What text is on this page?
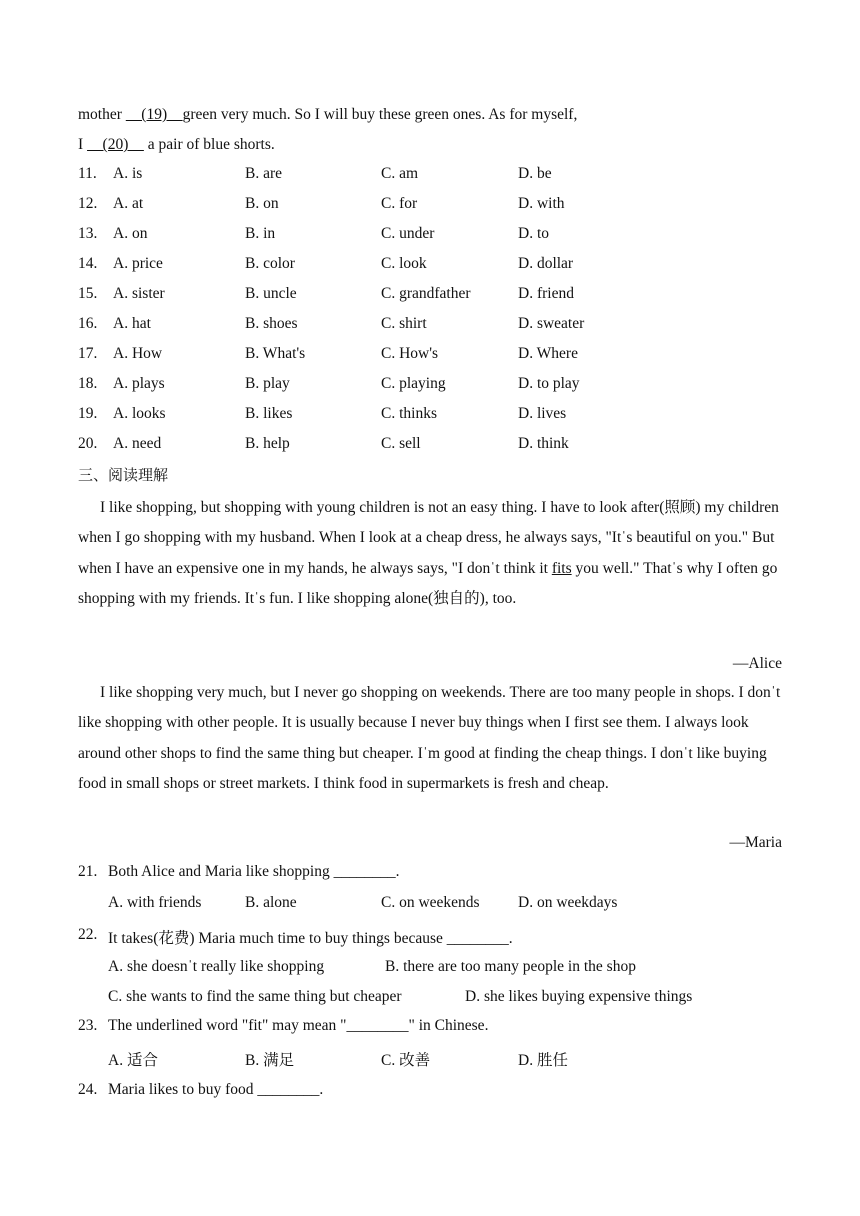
mother     (19)    green very much. So I will buy these green ones. As for myself,
I     (20)     a pair of blue shorts.
11. A. is	B. are	C. am	D. be
12. A. at	B. on	C. for	D. with
13. A. on	B. in	C. under	D. to
14. A. price	B. color	C. look	D. dollar
15. A. sister	B. uncle	C. grandfather	D. friend
16. A. hat	B. shoes	C. shirt	D. sweater
17. A. How	B. What's	C. How's	D. Where
18. A. plays	B. play	C. playing	D. to play
19. A. looks	B. likes	C. thinks	D. lives
20. A. need	B. help	C. sell	D. think
三、阅读理解
I like shopping, but shopping with young children is not an easy thing. I have to look after(照顾) my children when I go shopping with my husband. When I look at a cheap dress, he always says, "Itˈs beautiful on you." But when I have an expensive one in my hands, he always says, "I donˈt think it fits you well." Thatˈs why I often go shopping with my friends. Itˈs fun. I like shopping alone(独自的), too.
—Alice
I like shopping very much, but I never go shopping on weekends. There are too many people in shops. I donˈt like shopping with other people. It is usually because I never buy things when I first see them. I always look around other shops to find the same thing but cheaper. Iˈm good at finding the cheap things. I donˈt like buying food in small shops or street markets. I think food in supermarkets is fresh and cheap.
—Maria
21. Both Alice and Maria like shopping ________.
A. with friends	B. alone	C. on weekends D. on weekdays
22. It takes(花费) Maria much time to buy things because ________.
A. she doesnˈt really like shopping	B. there are too many people in the shop
C. she wants to find the same thing but cheaper	D. she likes buying expensive things
23. The underlined word "fit" may mean "________" in Chinese.
A. 适合	B. 满足	C. 改善	D. 胜任
24. Maria likes to buy food ________.
